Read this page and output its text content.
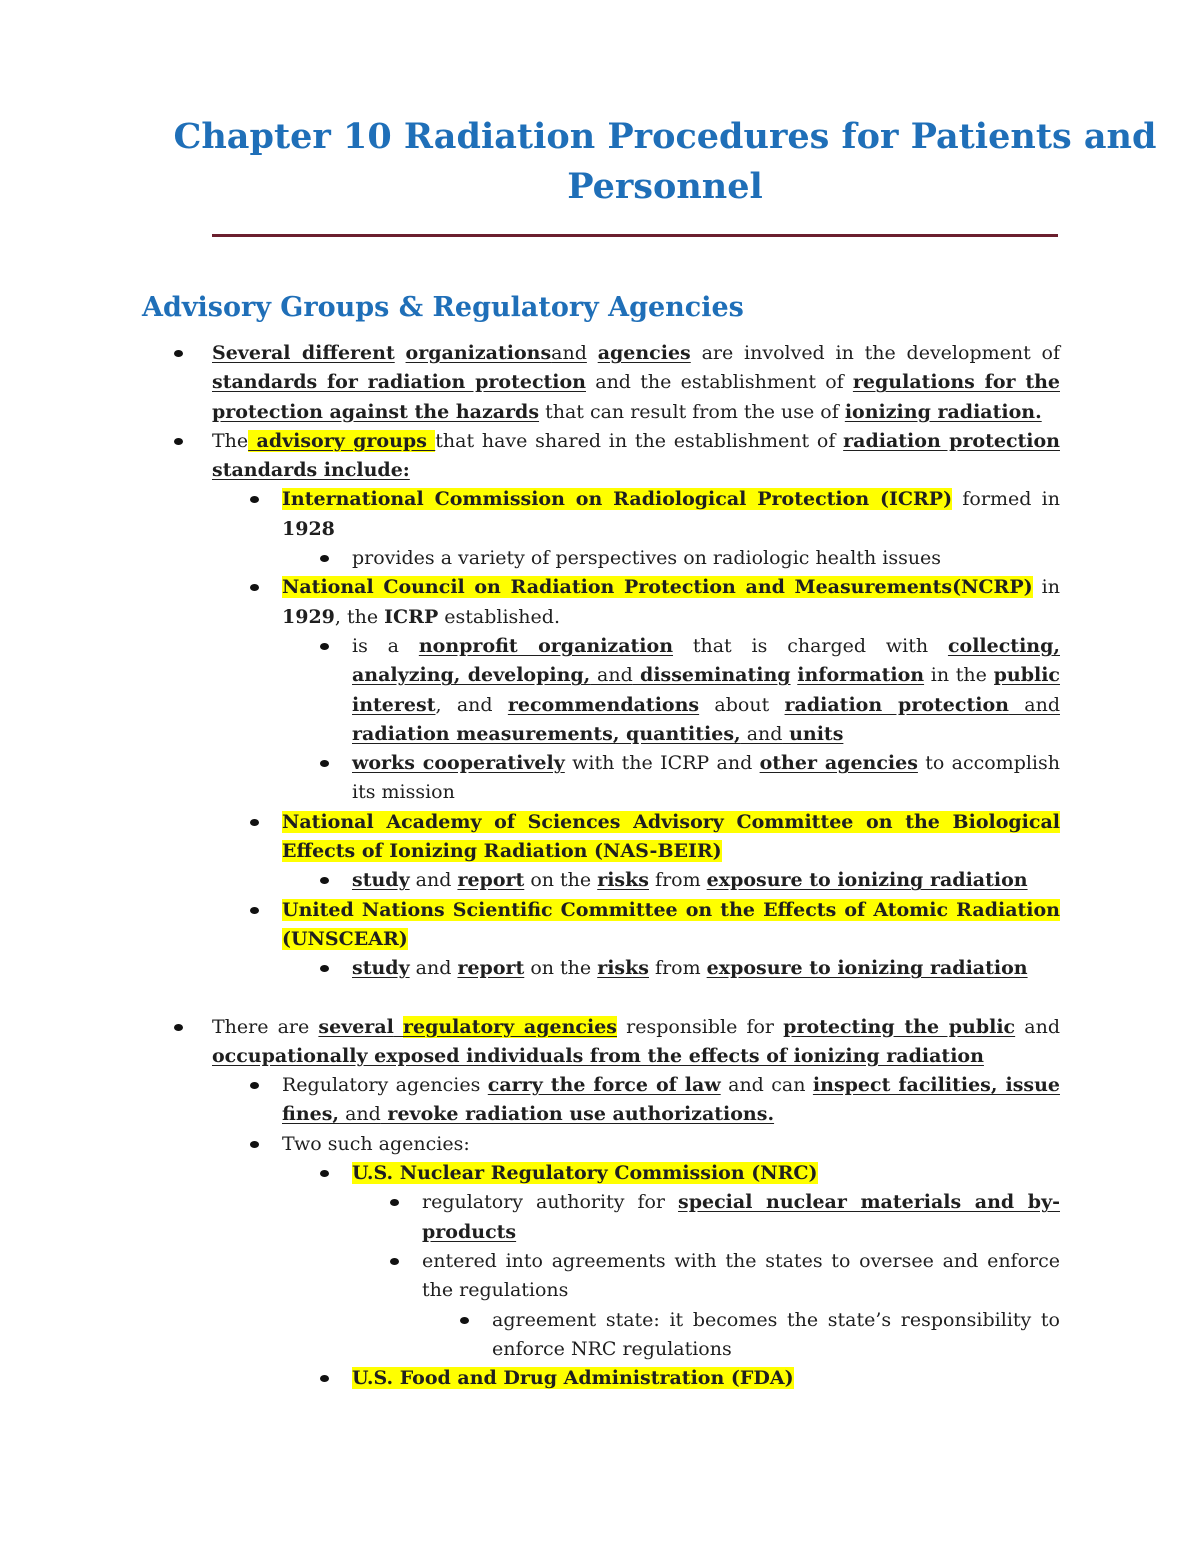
Chapter 10 Radiation Procedures for Patients and Personnel
Advisory Groups & Regulatory Agencies
Several different organizationsand agencies are involved in the development of standards for radiation protection and the establishment of regulations for the protection against the hazards that can result from the use of ionizing radiation.
The advisory groups that have shared in the establishment of radiation protection standards include:
International Commission on Radiological Protection (ICRP) formed in 1928
provides a variety of perspectives on radiologic health issues
National Council on Radiation Protection and Measurements(NCRP) in 1929, the ICRP established.
is a nonprofit organization that is charged with collecting, analyzing, developing, and disseminating information in the public interest, and recommendations about radiation protection and radiation measurements, quantities, and units
works cooperatively with the ICRP and other agencies to accomplish its mission
National Academy of Sciences Advisory Committee on the Biological Effects of Ionizing Radiation (NAS-BEIR)
study and report on the risks from exposure to ionizing radiation
United Nations Scientific Committee on the Effects of Atomic Radiation (UNSCEAR)
study and report on the risks from exposure to ionizing radiation
There are several regulatory agencies responsible for protecting the public and occupationally exposed individuals from the effects of ionizing radiation
Regulatory agencies carry the force of law and can inspect facilities, issue fines, and revoke radiation use authorizations.
Two such agencies:
U.S. Nuclear Regulatory Commission (NRC)
regulatory authority for special nuclear materials and by-products
entered into agreements with the states to oversee and enforce the regulations
agreement state: it becomes the state’s responsibility to enforce NRC regulations
U.S. Food and Drug Administration (FDA)
